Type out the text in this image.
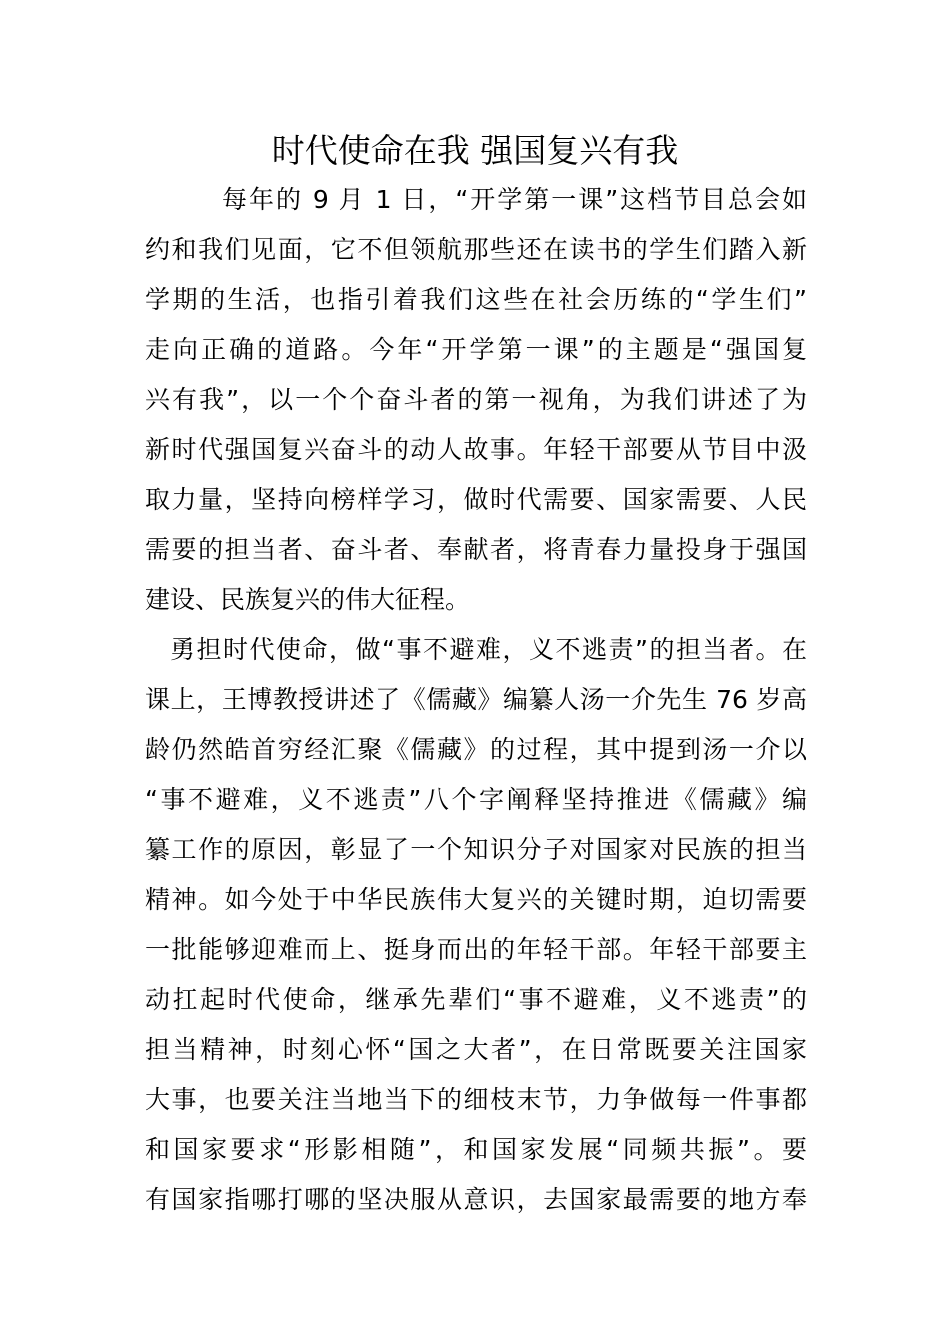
时代使命在我 强国复兴有我
每年的 9 月 1 日，“开学第一课”这档节目总会如
约和我们见面，它不但领航那些还在读书的学生们踏入新
学期的生活，也指引着我们这些在社会历练的“学生们”
走向正确的道路。今年“开学第一课”的主题是“强国复
兴有我”，以一个个奋斗者的第一视角，为我们讲述了为
新时代强国复兴奋斗的动人故事。年轻干部要从节目中汲
取力量，坚持向榜样学习，做时代需要、国家需要、人民
需要的担当者、奋斗者、奉献者，将青春力量投身于强国
建设、民族复兴的伟大征程。
勇担时代使命，做“事不避难，义不逃责”的担当者。在
课上，王博教授讲述了《儒藏》编纂人汤一介先生 76 岁高
龄仍然皓首穷经汇聚《儒藏》的过程，其中提到汤一介以
“事不避难，义不逃责”八个字阐释坚持推进《儒藏》编
纂工作的原因，彰显了一个知识分子对国家对民族的担当
精神。如今处于中华民族伟大复兴的关键时期，迫切需要
一批能够迎难而上、挺身而出的年轻干部。年轻干部要主
动扛起时代使命，继承先辈们“事不避难，义不逃责”的
担当精神，时刻心怀“国之大者”，在日常既要关注国家
大事，也要关注当地当下的细枝末节，力争做每一件事都
和国家要求“形影相随”，和国家发展“同频共振”。要
有国家指哪打哪的坚决服从意识，去国家最需要的地方奉
